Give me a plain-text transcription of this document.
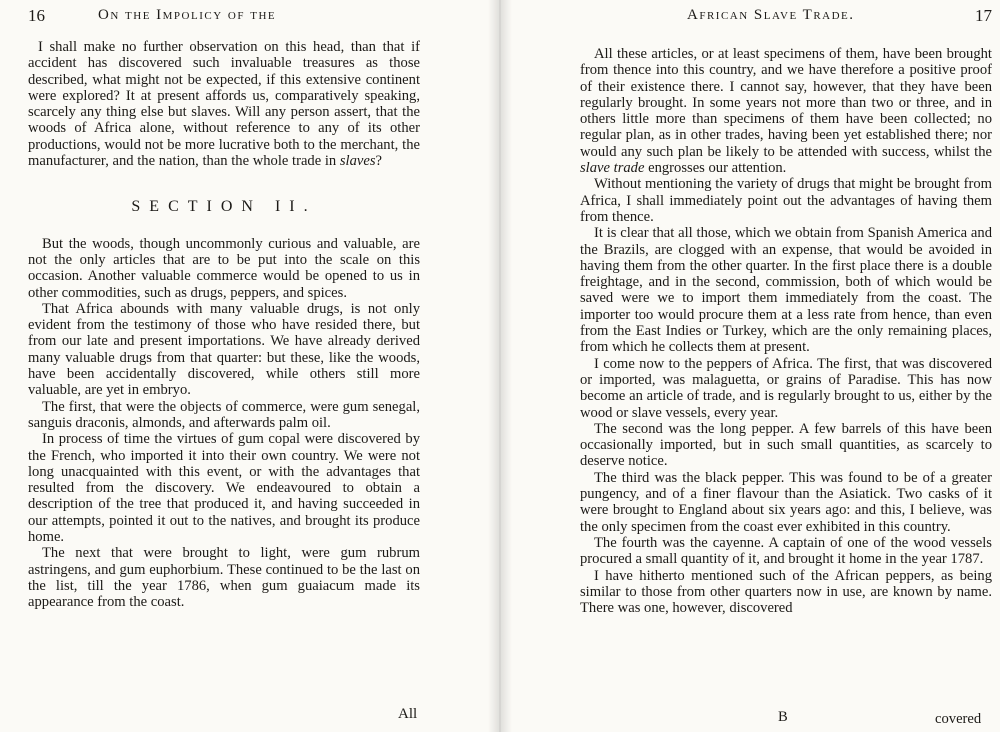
16	On the Impolicy of the

I shall make no further observation on this head, than that if accident has discovered such invaluable treasures as those described, what might not be expected, if this extensive continent were explored? It at present affords us, comparatively speaking, scarcely any thing else but slaves. Will any person assert, that the woods of Africa alone, without reference to any of its other productions, would not be more lucrative both to the merchant, the manufacturer, and the nation, than the whole trade in slaves?

SECTION II.

But the woods, though uncommonly curious and valuable, are not the only articles that are to be put into the scale on this occasion. Another valuable commerce would be opened to us in other commodities, such as drugs, peppers, and spices.

That Africa abounds with many valuable drugs, is not only evident from the testimony of those who have resided there, but from our late and present importations. We have already derived many valuable drugs from that quarter: but these, like the woods, have been accidentally discovered, while others still more valuable, are yet in embryo.

The first, that were the objects of commerce, were gum senegal, sanguis draconis, almonds, and afterwards palm oil.

In process of time the virtues of gum copal were discovered by the French, who imported it into their own country. We were not long unacquainted with this event, or with the advantages that resulted from the discovery. We endeavoured to obtain a description of the tree that produced it, and having succeeded in our attempts, pointed it out to the natives, and brought its produce home.

The next that were brought to light, were gum rubrum astringens, and gum euphorbium. These continued to be the last on the list, till the year 1786, when gum guaiacum made its appearance from the coast.

All
African Slave Trade.	17

All these articles, or at least specimens of them, have been brought from thence into this country, and we have therefore a positive proof of their existence there. I cannot say, however, that they have been regularly brought. In some years not more than two or three, and in others little more than specimens of them have been collected; no regular plan, as in other trades, having been yet established there; nor would any such plan be likely to be attended with success, whilst the slave trade engrosses our attention.

Without mentioning the variety of drugs that might be brought from Africa, I shall immediately point out the advantages of having them from thence.

It is clear that all those, which we obtain from Spanish America and the Brazils, are clogged with an expense, that would be avoided in having them from the other quarter. In the first place there is a double freightage, and in the second, commission, both of which would be saved were we to import them immediately from the coast. The importer too would procure them at a less rate from hence, than even from the East Indies or Turkey, which are the only remaining places, from which he collects them at present.

I come now to the peppers of Africa. The first, that was discovered or imported, was malaguetta, or grains of Paradise. This has now become an article of trade, and is regularly brought to us, either by the wood or slave vessels, every year.

The second was the long pepper. A few barrels of this have been occasionally imported, but in such small quantities, as scarcely to deserve notice.

The third was the black pepper. This was found to be of a greater pungency, and of a finer flavour than the Asiatick. Two casks of it were brought to England about six years ago: and this, I believe, was the only specimen from the coast ever exhibited in this country.

The fourth was the cayenne. A captain of one of the wood vessels procured a small quantity of it, and brought it home in the year 1787.

I have hitherto mentioned such of the African peppers, as being similar to those from other quarters now in use, are known by name. There was one, however, discovered

B	covered
